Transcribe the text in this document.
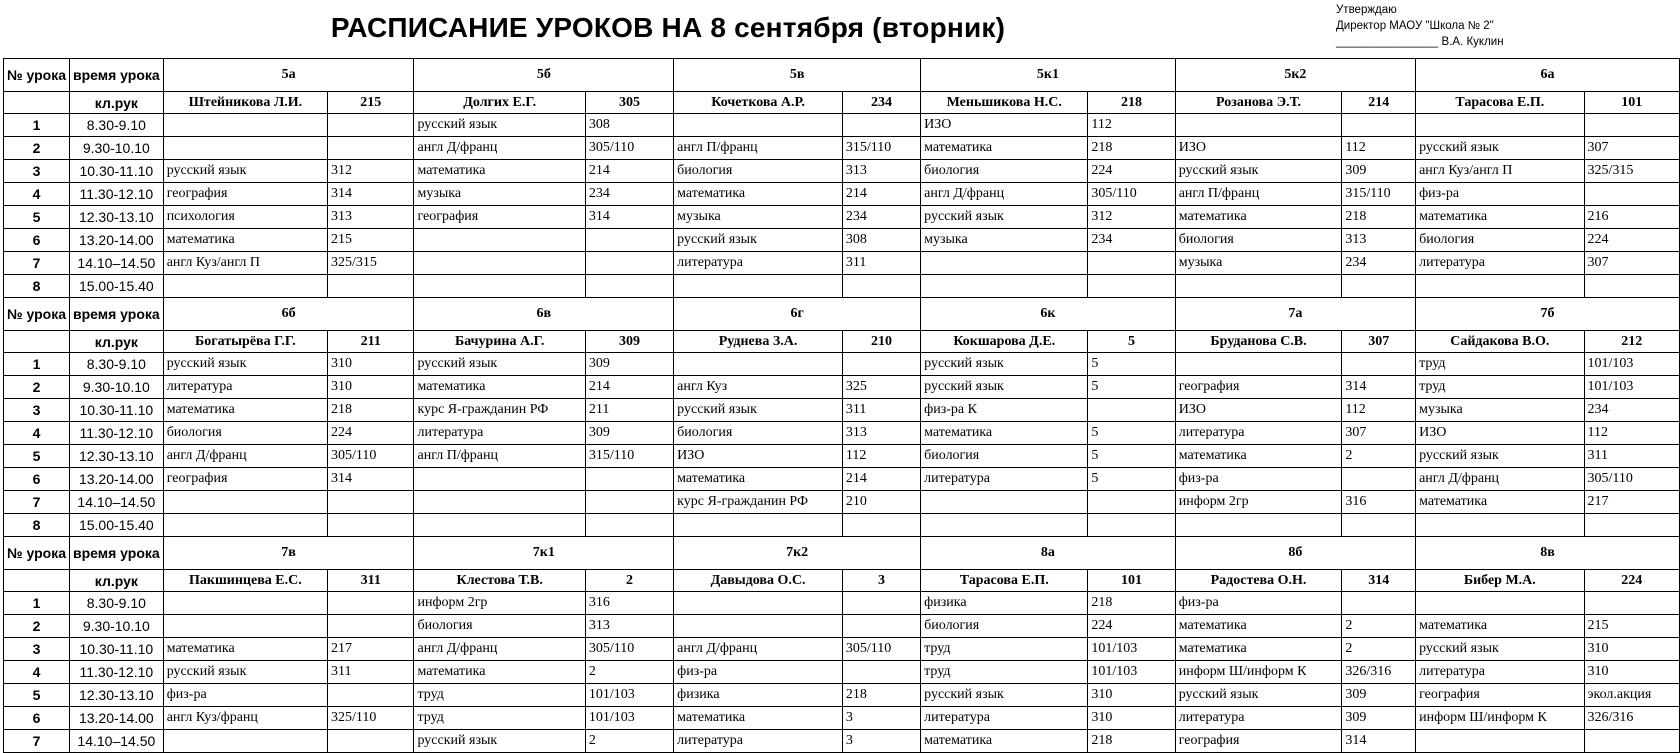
Утверждаю
Директор МАОУ "Школа № 2"
________________ В.А. Куклин
РАСПИСАНИЕ УРОКОВ НА 8 сентября (вторник)
№ урока	время урока	5а		5б		5в		5к1		5к2		6а	
	кл.рук	Штейникова Л.И.	215	Долгих Е.Г.	305	Кочеткова А.Р.	234	Меньшикова Н.С.	218	Розанова Э.Т.	214	Тарасова Е.П.	101
1	8.30-9.10			русский язык	308			ИЗО	112				
2	9.30-10.10			англ Д/франц	305/110	англ П/франц	315/110	математика	218	ИЗО	112	русский язык	307
3	10.30-11.10	русский язык	312	математика	214	биология	313	биология	224	русский язык	309	англ Куз/англ П	325/315
4	11.30-12.10	география	314	музыка	234	математика	214	англ Д/франц	305/110	англ П/франц	315/110	физ-ра	
5	12.30-13.10	психология	313	география	314	музыка	234	русский язык	312	математика	218	математика	216
6	13.20-14.00	математика	215			русский язык	308	музыка	234	биология	313	биология	224
7	14.10–14.50	англ Куз/англ П	325/315			литература	311			музыка	234	литература	307
8	15.00-15.40												
№ урока	время урока	6б		6в		6г		6к		7а		7б	
	кл.рук	Богатырёва Г.Г.	211	Бачурина А.Г.	309	Руднева З.А.	210	Кокшарова Д.Е.	5	Бруданова С.В.	307	Сайдакова В.О.	212
1	8.30-9.10	русский язык	310	русский язык	309			русский язык	5			труд	101/103
2	9.30-10.10	литература	310	математика	214	англ Куз	325	русский язык	5	география	314	труд	101/103
3	10.30-11.10	математика	218	курс Я-гражданин РФ	211	русский язык	311	физ-ра К		ИЗО	112	музыка	234
4	11.30-12.10	биология	224	литература	309	биология	313	математика	5	литература	307	ИЗО	112
5	12.30-13.10	англ Д/франц	305/110	англ П/франц	315/110	ИЗО	112	биология	5	математика	2	русский язык	311
6	13.20-14.00	география	314			математика	214	литература	5	физ-ра		англ Д/франц	305/110
7	14.10–14.50					курс Я-гражданин РФ	210			информ 2гр	316	математика	217
8	15.00-15.40												
№ урока	время урока	7в		7к1		7к2		8а		8б		8в	
	кл.рук	Пакшинцева Е.С.	311	Клестова Т.В.	2	Давыдова О.С.	3	Тарасова Е.П.	101	Радостева О.Н.	314	Бибер М.А.	224
1	8.30-9.10			информ 2гр	316			физика	218	физ-ра			
2	9.30-10.10			биология	313			биология	224	математика	2	математика	215
3	10.30-11.10	математика	217	англ Д/франц	305/110	англ Д/франц	305/110	труд	101/103	математика	2	русский язык	310
4	11.30-12.10	русский язык	311	математика	2	физ-ра		труд	101/103	информ Ш/информ К	326/316	литература	310
5	12.30-13.10	физ-ра		труд	101/103	физика	218	русский язык	310	русский язык	309	география	экол.акция
6	13.20-14.00	англ Куз/франц	325/110	труд	101/103	математика	3	литература	310	литература	309	информ Ш/информ К	326/316
7	14.10–14.50			русский язык	2	литература	3	математика	218	география	314		
